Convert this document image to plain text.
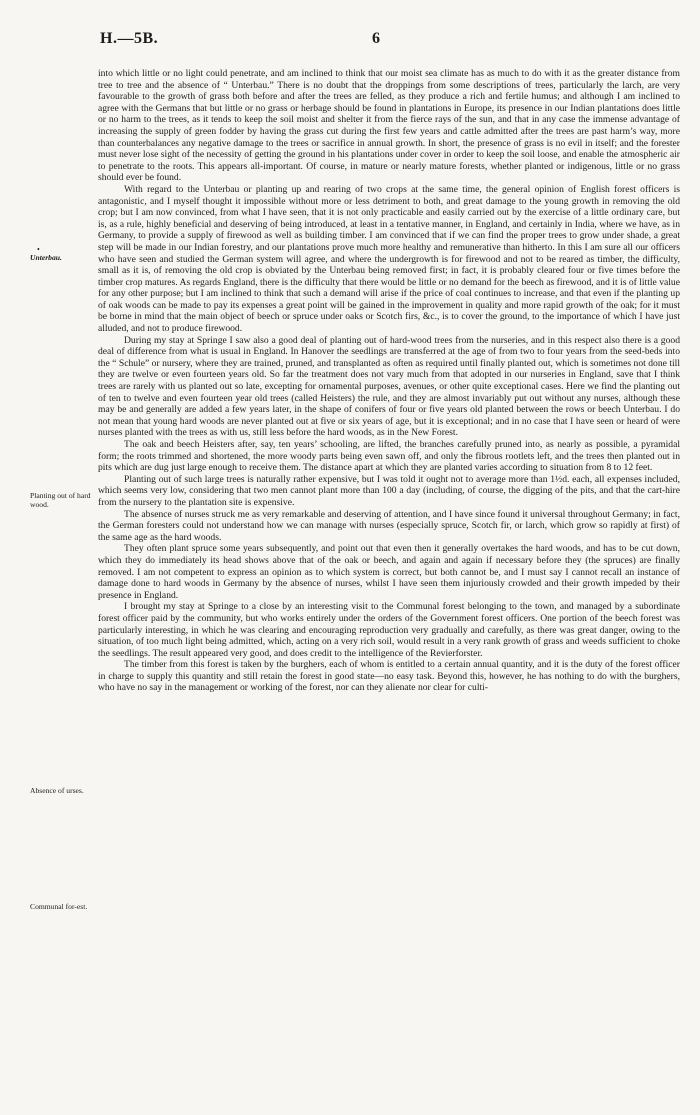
H.—5B.	6
•
Unterbau.
Planting out of hard wood.
Absence of urses.
Communal for-est.

into which little or no light could penetrate, and am inclined to think that our moist sea climate has as much to do with it as the greater distance from tree to tree and the absence of “ Unterbau.” There is no doubt that the droppings from some descriptions of trees, particularly the larch, are very favourable to the growth of grass both before and after the trees are felled, as they produce a rich and fertile humus; and although I am inclined to agree with the Germans that but little or no grass or herbage should be found in plantations in Europe, its presence in our Indian plantations does little or no harm to the trees, as it tends to keep the soil moist and shelter it from the fierce rays of the sun, and that in any case the immense advantage of increasing the supply of green fodder by having the grass cut during the first few years and cattle admitted after the trees are past harm’s way, more than counterbalances any negative damage to the trees or sacrifice in annual growth. In short, the presence of grass is no evil in itself; and the forester must never lose sight of the necessity of getting the ground in his plantations under cover in order to keep the soil loose, and enable the atmospheric air to penetrate to the roots. This appears all-important. Of course, in mature or nearly mature forests, whether planted or indigenous, little or no grass should ever be found.

With regard to the Unterbau or planting up and rearing of two crops at the same time, the general opinion of English forest officers is antagonistic, and I myself thought it impossible without more or less detriment to both, and great damage to the young growth in removing the old crop; but I am now convinced, from what I have seen, that it is not only practicable and easily carried out by the exercise of a little ordinary care, but is, as a rule, highly beneficial and deserving of being introduced, at least in a tentative manner, in England, and certainly in India, where we have, as in Germany, to provide a supply of firewood as well as building timber. I am convinced that if we can find the proper trees to grow under shade, a great step will be made in our Indian forestry, and our plantations prove much more healthy and remunerative than hitherto. In this I am sure all our officers who have seen and studied the German system will agree, and where the undergrowth is for firewood and not to be reared as timber, the difficulty, small as it is, of removing the old crop is obviated by the Unterbau being removed first; in fact, it is probably cleared four or five times before the timber crop matures. As regards England, there is the difficulty that there would be little or no demand for the beech as firewood, and it is of little value for any other purpose; but I am inclined to think that such a demand will arise if the price of coal continues to increase, and that even if the planting up of oak woods can be made to pay its expenses a great point will be gained in the improvement in quality and more rapid growth of the oak; for it must be borne in mind that the main object of beech or spruce under oaks or Scotch firs, &c., is to cover the ground, to the importance of which I have just alluded, and not to produce firewood.

During my stay at Springe I saw also a good deal of planting out of hard-wood trees from the nurseries, and in this respect also there is a good deal of difference from what is usual in England. In Hanover the seedlings are transferred at the age of from two to four years from the seed-beds into the “ Schule” or nursery, where they are trained, pruned, and transplanted as often as required until finally planted out, which is sometimes not done till they are twelve or even fourteen years old. So far the treatment does not vary much from that adopted in our nurseries in England, save that I think trees are rarely with us planted out so late, excepting for ornamental purposes, avenues, or other quite exceptional cases. Here we find the planting out of ten to twelve and even fourteen year old trees (called Heisters) the rule, and they are almost invariably put out without any nurses, although these may be and generally are added a few years later, in the shape of conifers of four or five years old planted between the rows or beech Unterbau. I do not mean that young hard woods are never planted out at five or six years of age, but it is exceptional; and in no case that I have seen or heard of were nurses planted with the trees as with us, still less before the hard woods, as in the New Forest.

The oak and beech Heisters after, say, ten years’ schooling, are lifted, the branches carefully pruned into, as nearly as possible, a pyramidal form; the roots trimmed and shortened, the more woody parts being even sawn off, and only the fibrous rootlets left, and the trees then planted out in pits which are dug just large enough to receive them. The distance apart at which they are planted varies according to situation from 8 to 12 feet.

Planting out of such large trees is naturally rather expensive, but I was told it ought not to average more than 1½d. each, all expenses included, which seems very low, considering that two men cannot plant more than 100 a day (including, of course, the digging of the pits, and that the cart-hire from the nursery to the plantation site is expensive.

The absence of nurses struck me as very remarkable and deserving of attention, and I have since found it universal throughout Germany; in fact, the German foresters could not understand how we can manage with nurses (especially spruce, Scotch fir, or larch, which grow so rapidly at first) of the same age as the hard woods.

They often plant spruce some years subsequently, and point out that even then it generally overtakes the hard woods, and has to be cut down, which they do immediately its head shows above that of the oak or beech, and again and again if necessary before they (the spruces) are finally removed. I am not competent to express an opinion as to which system is correct, but both cannot be, and I must say I cannot recall an instance of damage done to hard woods in Germany by the absence of nurses, whilst I have seen them injuriously crowded and their growth impeded by their presence in England.

I brought my stay at Springe to a close by an interesting visit to the Communal forest belonging to the town, and managed by a subordinate forest officer paid by the community, but who works entirely under the orders of the Government forest officers. One portion of the beech forest was particularly interesting, in which he was clearing and encouraging reproduction very gradually and carefully, as there was great danger, owing to the situation, of too much light being admitted, which, acting on a very rich soil, would result in a very rank growth of grass and weeds sufficient to choke the seedlings. The result appeared very good, and does credit to the intelligence of the Revierforster.

The timber from this forest is taken by the burghers, each of whom is entitled to a certain annual quantity, and it is the duty of the forest officer in charge to supply this quantity and still retain the forest in good state—no easy task. Beyond this, however, he has nothing to do with the burghers, who have no say in the management or working of the forest, nor can they alienate nor clear for culti-
